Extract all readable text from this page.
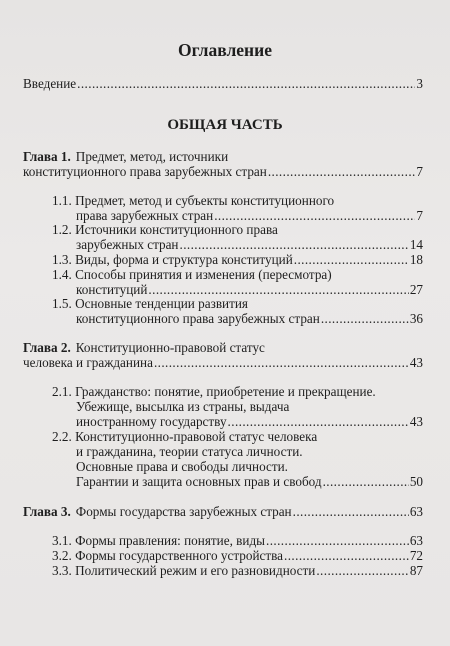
Оглавление
Введение .....	3
ОБЩАЯ ЧАСТЬ
Глава 1. Предмет, метод, источники
конституционного права зарубежных стран .....	7
1.1. Предмет, метод и субъекты конституционного
права зарубежных стран .....	7
1.2. Источники конституционного права
зарубежных стран .....	14
1.3. Виды, форма и структура конституций .....	18
1.4. Способы принятия и изменения (пересмотра)
конституций .....	27
1.5. Основные тенденции развития
конституционного права зарубежных стран .....	36
Глава 2. Конституционно-правовой статус
человека и гражданина .....	43
2.1. Гражданство: понятие, приобретение и прекращение.
Убежище, высылка из страны, выдача
иностранному государству .....	43
2.2. Конституционно-правовой статус человека
и гражданина, теории статуса личности.
Основные права и свободы личности.
Гарантии и защита основных прав и свобод .....	50
Глава 3. Формы государства зарубежных стран .....	63
3.1. Формы правления: понятие, виды .....	63
3.2. Формы государственного устройства .....	72
3.3. Политический режим и его разновидности .....	87
